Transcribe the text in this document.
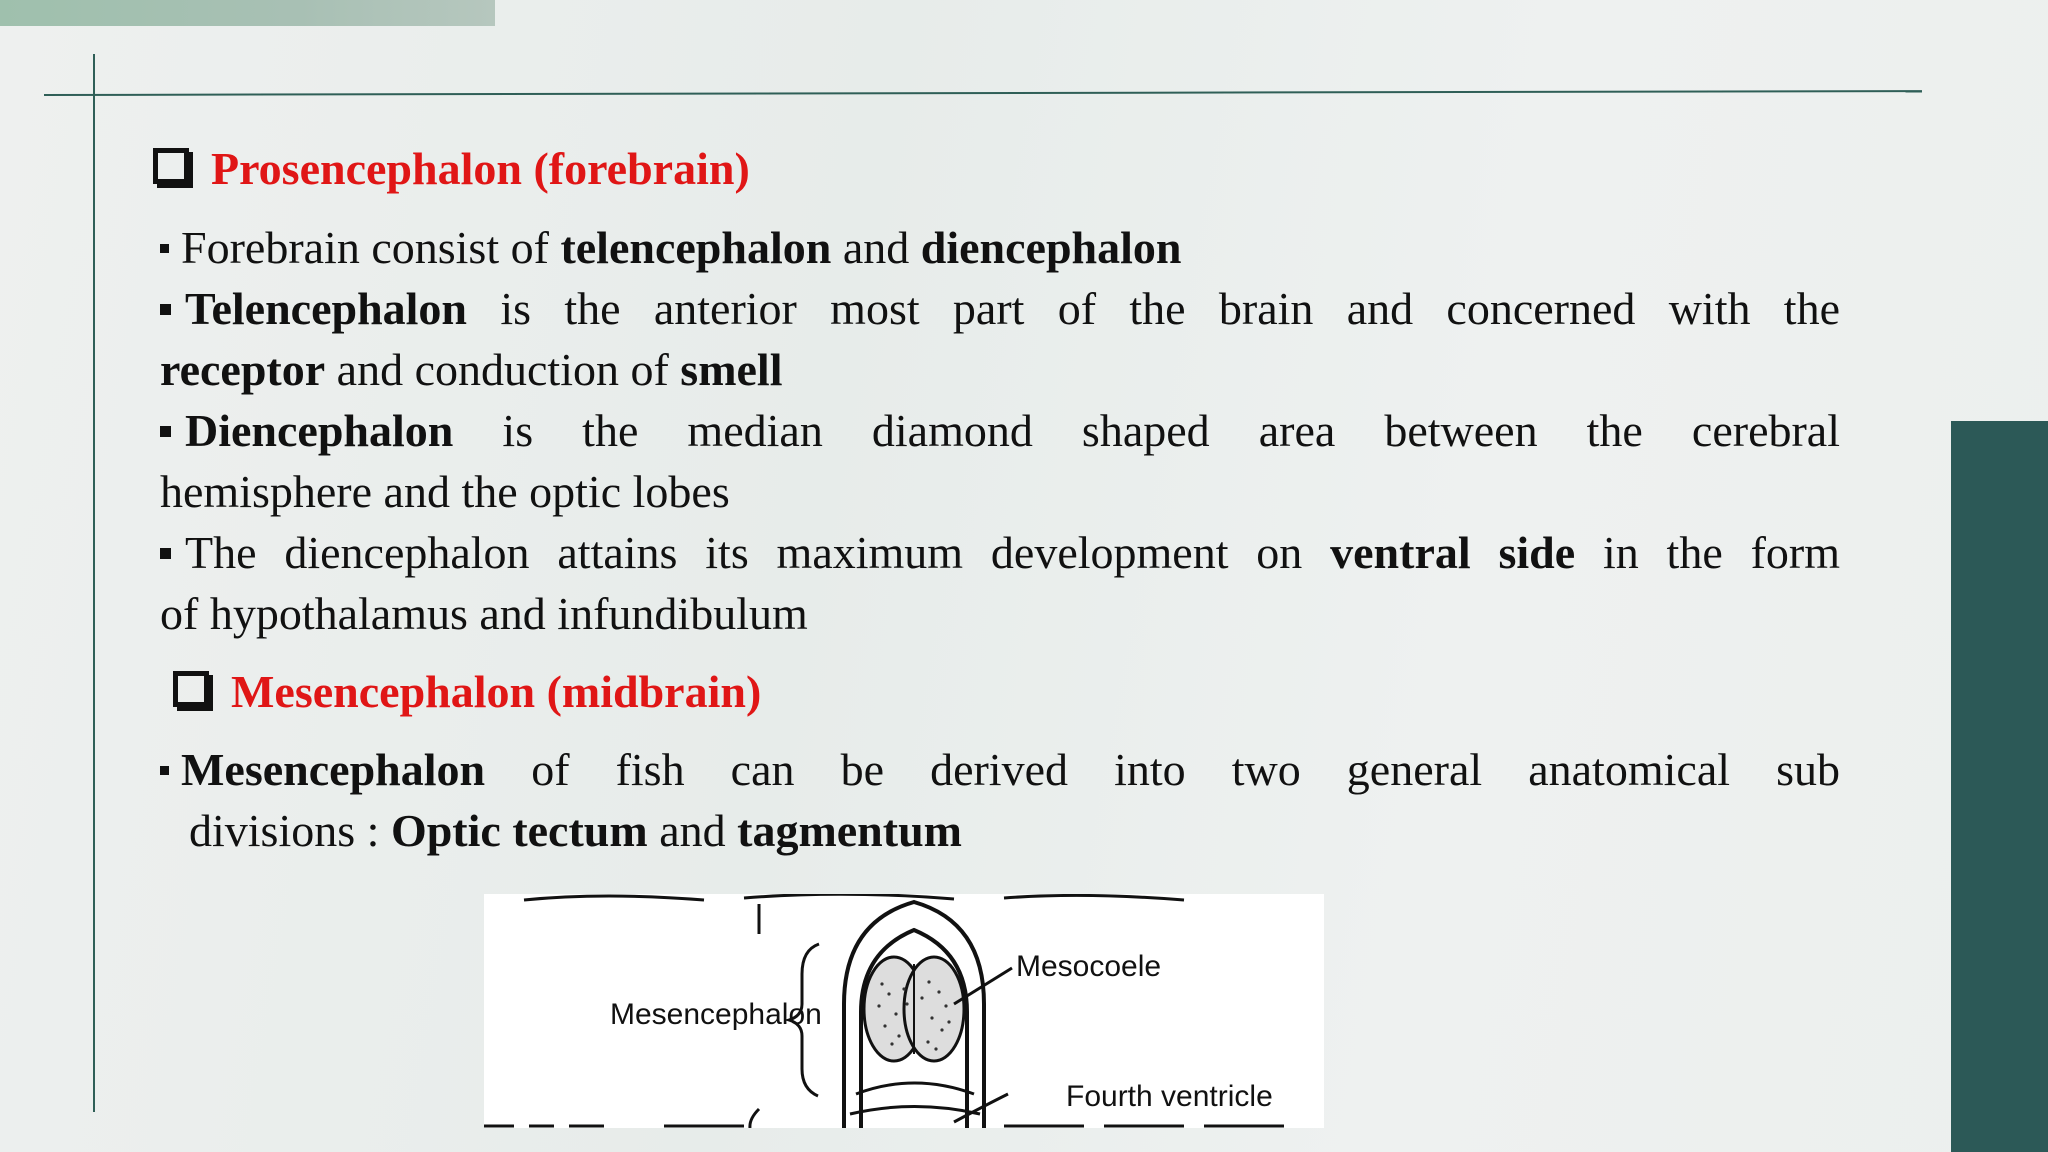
Prosencephalon (forebrain)
Forebrain consist of telencephalon and diencephalon
Telencephalon is the anterior most part of the brain and concerned with the
receptor and conduction of smell
Diencephalon is the median diamond shaped area between the cerebral
hemisphere and the optic lobes
The diencephalon attains its maximum development on ventral side in the form
of hypothalamus and infundibulum
Mesencephalon (midbrain)
Mesencephalon of fish can be derived into two general anatomical sub
divisions : Optic tectum and tagmentum
Mesencephalon
Mesocoele
Fourth ventricle
